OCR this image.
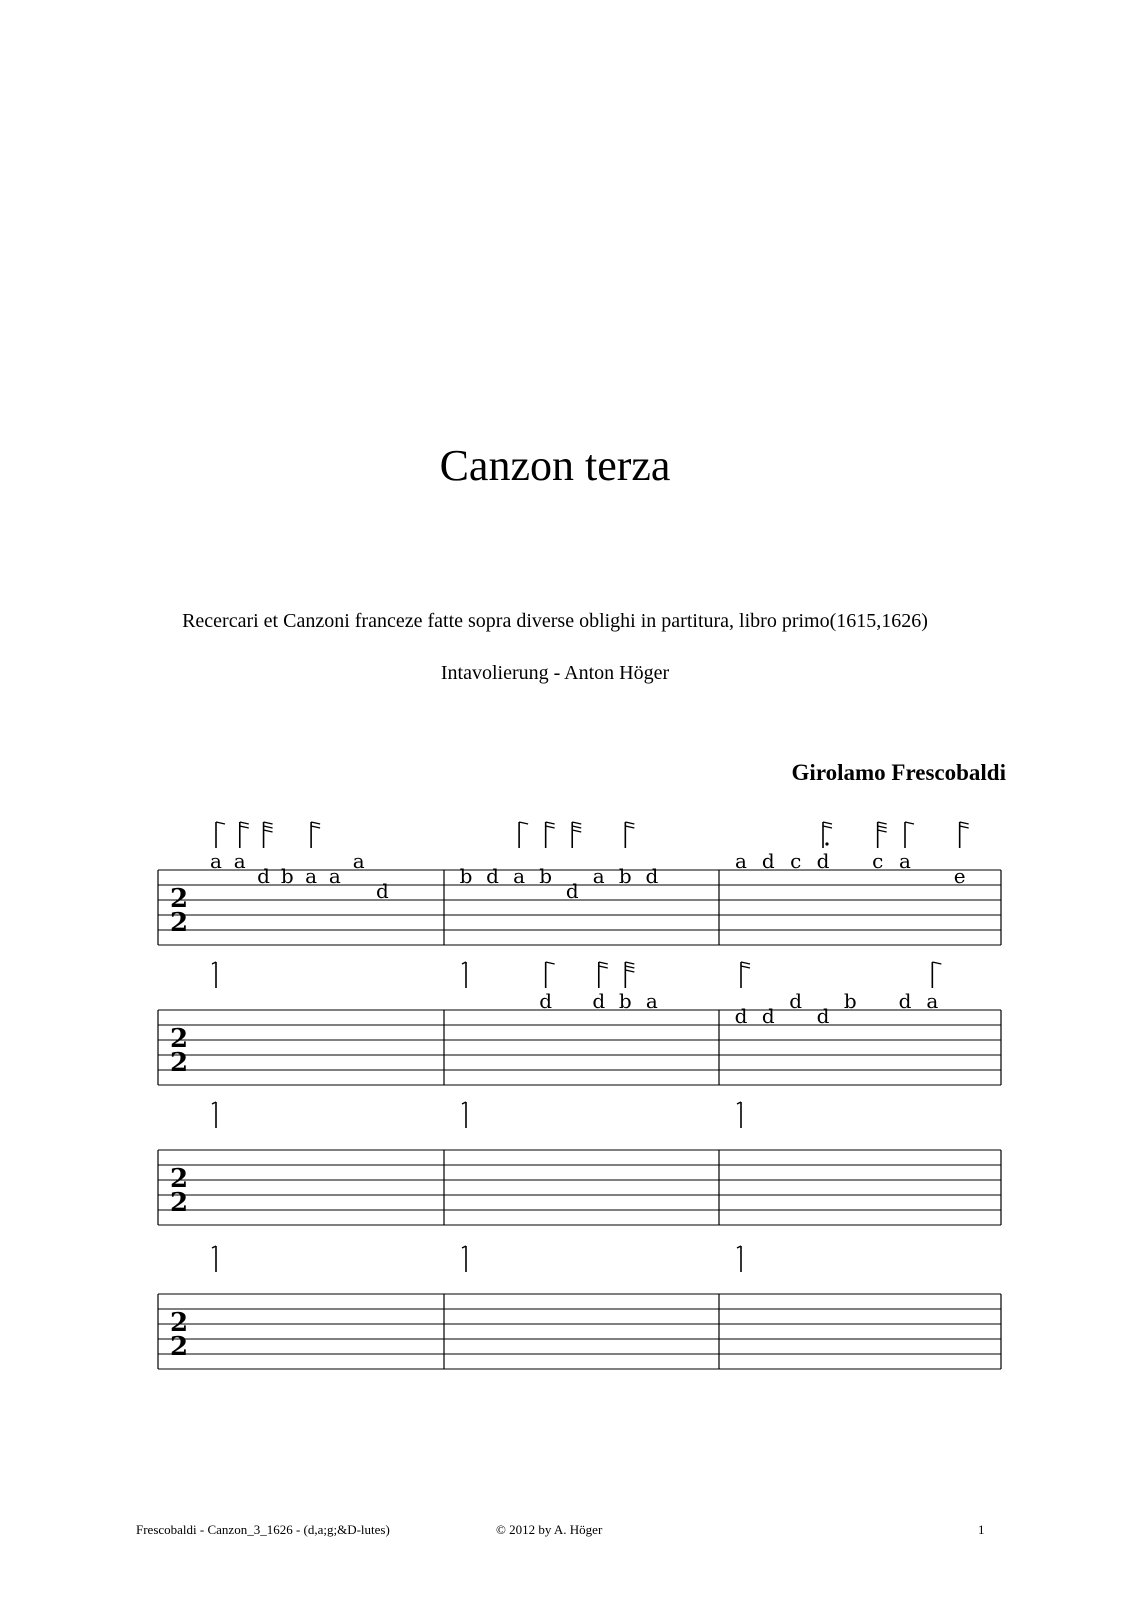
Canzon terza
Recercari et Canzoni franceze fatte sopra diverse oblighi in partitura, libro primo(1615,1626)
Intavolierung - Anton Höger
Girolamo Frescobaldi
2
2
a a
d b a a
a
d
b d a b
d
a b d
a d c d c a
e
2
2
d d b a
d d
d
d
b d a
2
2
2
2
Frescobaldi - Canzon_3_1626 - (d,a;g;&D-lutes)	© 2012 by A. Höger	1
